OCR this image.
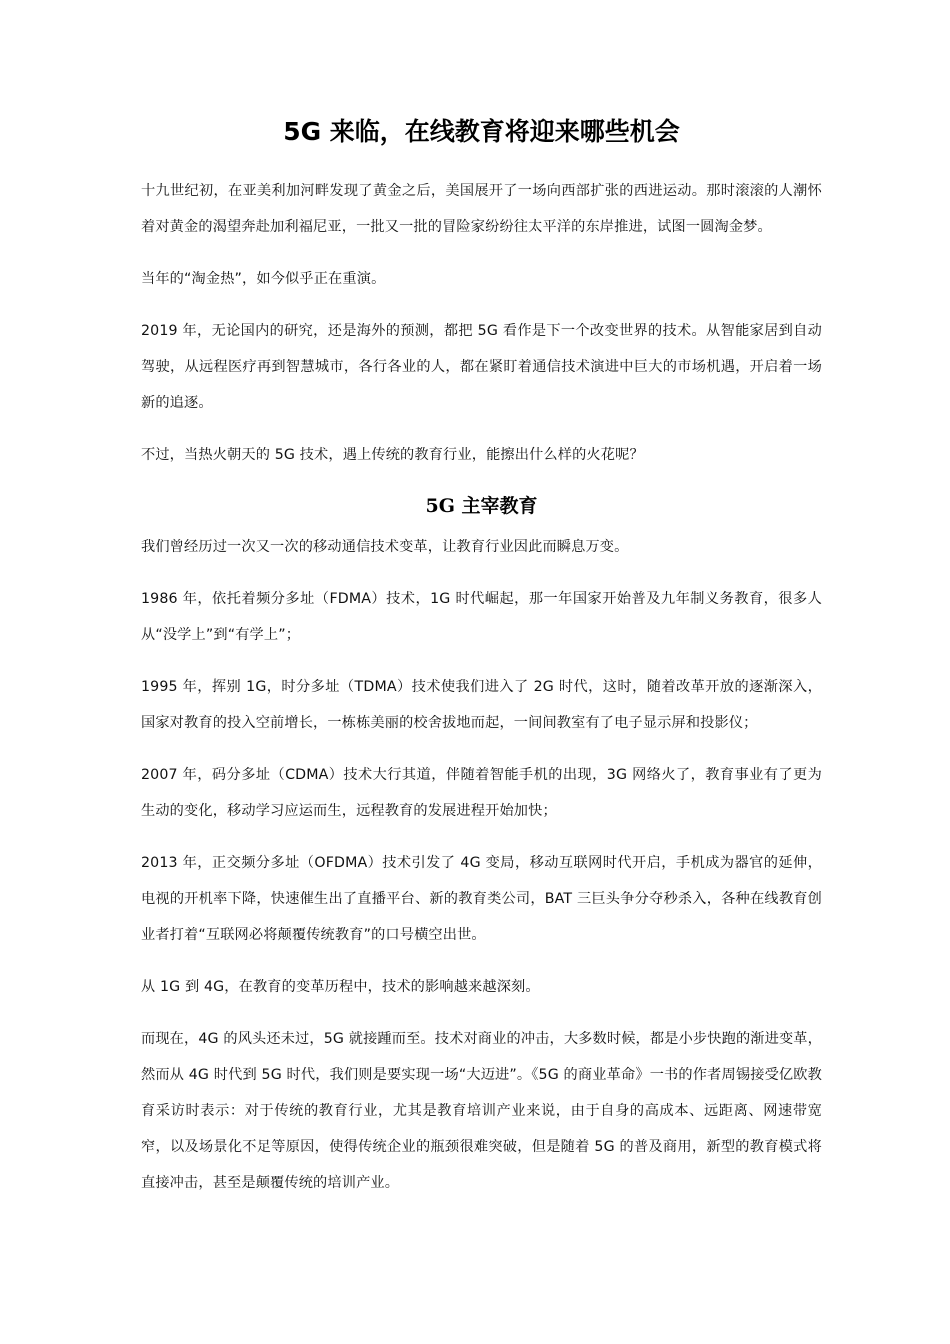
5G 来临，在线教育将迎来哪些机会

十九世纪初，在亚美利加河畔发现了黄金之后，美国展开了一场向西部扩张的西进运动。那时滚滚的人潮怀着对黄金的渴望奔赴加利福尼亚，一批又一批的冒险家纷纷往太平洋的东岸推进，试图一圆淘金梦。

当年的“淘金热”，如今似乎正在重演。

2019 年，无论国内的研究，还是海外的预测，都把 5G 看作是下一个改变世界的技术。从智能家居到自动驾驶，从远程医疗再到智慧城市，各行各业的人，都在紧盯着通信技术演进中巨大的市场机遇，开启着一场新的追逐。

不过，当热火朝天的 5G 技术，遇上传统的教育行业，能擦出什么样的火花呢？

5G 主宰教育

我们曾经历过一次又一次的移动通信技术变革，让教育行业因此而瞬息万变。

1986 年，依托着频分多址（FDMA）技术，1G 时代崛起，那一年国家开始普及九年制义务教育，很多人从“没学上”到“有学上”；

1995 年，挥别 1G，时分多址（TDMA）技术使我们进入了 2G 时代，这时，随着改革开放的逐渐深入，国家对教育的投入空前增长，一栋栋美丽的校舍拔地而起，一间间教室有了电子显示屏和投影仪；

2007 年，码分多址（CDMA）技术大行其道，伴随着智能手机的出现，3G 网络火了，教育事业有了更为生动的变化，移动学习应运而生，远程教育的发展进程开始加快；

2013 年，正交频分多址（OFDMA）技术引发了 4G 变局，移动互联网时代开启，手机成为器官的延伸，电视的开机率下降，快速催生出了直播平台、新的教育类公司，BAT 三巨头争分夺秒杀入，各种在线教育创业者打着“互联网必将颠覆传统教育”的口号横空出世。

从 1G 到 4G，在教育的变革历程中，技术的影响越来越深刻。

而现在，4G 的风头还未过，5G 就接踵而至。技术对商业的冲击，大多数时候，都是小步快跑的渐进变革，然而从 4G 时代到 5G 时代，我们则是要实现一场“大迈进”。《5G 的商业革命》一书的作者周锡接受亿欧教育采访时表示：对于传统的教育行业，尤其是教育培训产业来说，由于自身的高成本、远距离、网速带宽窄，以及场景化不足等原因，使得传统企业的瓶颈很难突破，但是随着 5G 的普及商用，新型的教育模式将直接冲击，甚至是颠覆传统的培训产业。
